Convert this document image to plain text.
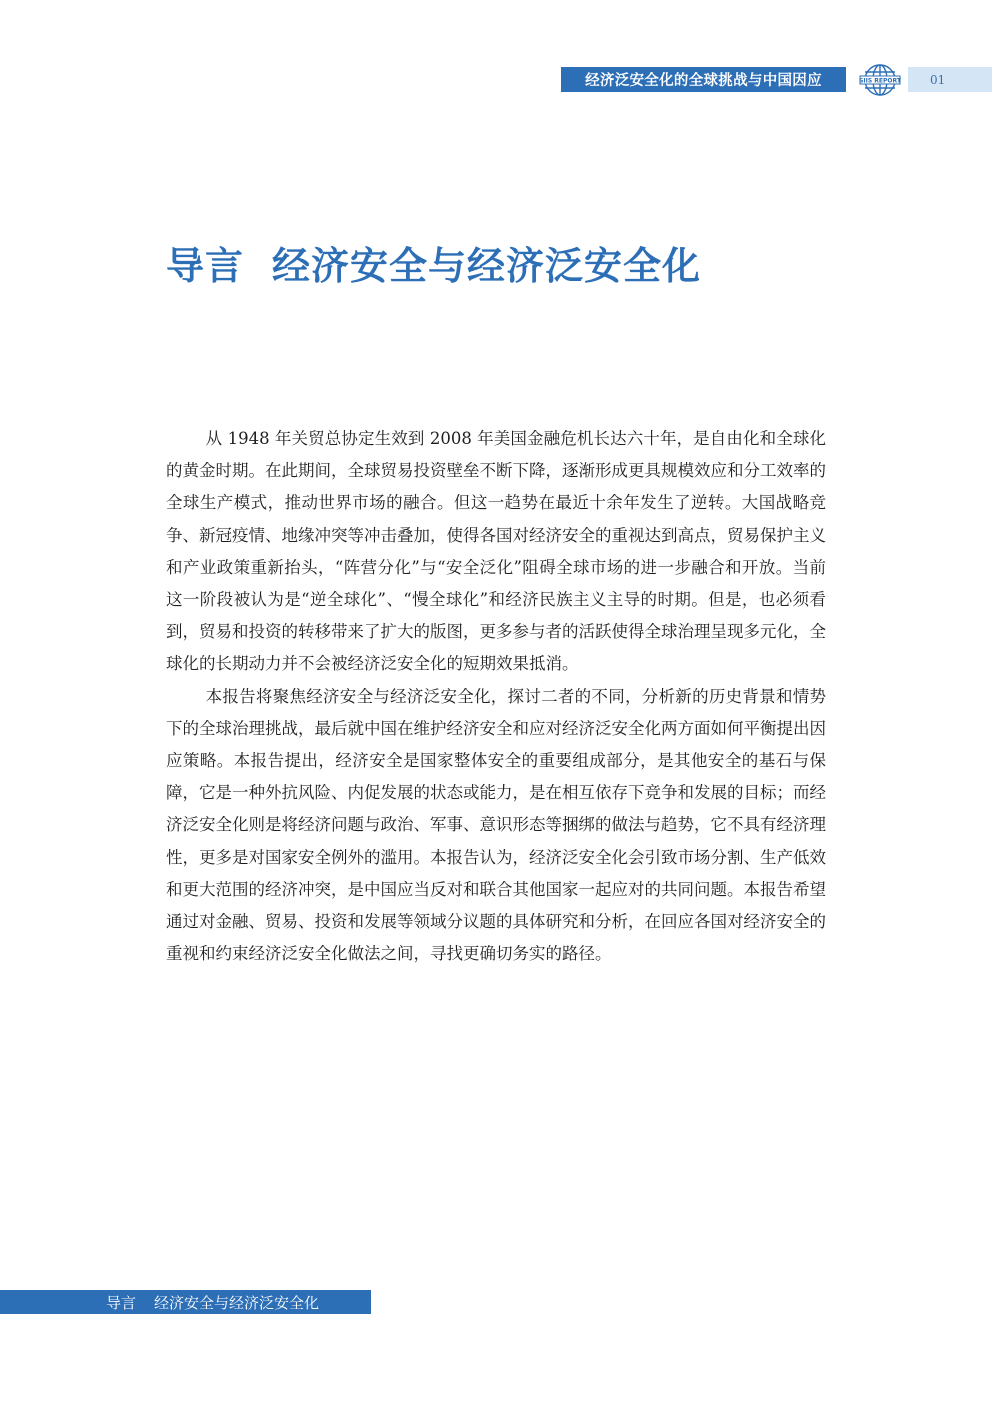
经济泛安全化的全球挑战与中国因应	SIIS REPORT 01
导言 经济安全与经济泛安全化

从 1948 年关贸总协定生效到 2008 年美国金融危机长达六十年，是自由化和全球化的黄金时期。在此期间，全球贸易投资壁垒不断下降，逐渐形成更具规模效应和分工效率的全球生产模式，推动世界市场的融合。但这一趋势在最近十余年发生了逆转。大国战略竞争、新冠疫情、地缘冲突等冲击叠加，使得各国对经济安全的重视达到高点，贸易保护主义和产业政策重新抬头，“阵营分化”与“安全泛化”阻碍全球市场的进一步融合和开放。当前这一阶段被认为是“逆全球化”、“慢全球化”和经济民族主义主导的时期。但是，也必须看到，贸易和投资的转移带来了扩大的版图，更多参与者的活跃使得全球治理呈现多元化，全球化的长期动力并不会被经济泛安全化的短期效果抵消。

本报告将聚焦经济安全与经济泛安全化，探讨二者的不同，分析新的历史背景和情势下的全球治理挑战，最后就中国在维护经济安全和应对经济泛安全化两方面如何平衡提出因应策略。本报告提出，经济安全是国家整体安全的重要组成部分，是其他安全的基石与保障，它是一种外抗风险、内促发展的状态或能力，是在相互依存下竞争和发展的目标；而经济泛安全化则是将经济问题与政治、军事、意识形态等捆绑的做法与趋势，它不具有经济理性，更多是对国家安全例外的滥用。本报告认为，经济泛安全化会引致市场分割、生产低效和更大范围的经济冲突，是中国应当反对和联合其他国家一起应对的共同问题。本报告希望通过对金融、贸易、投资和发展等领域分议题的具体研究和分析，在回应各国对经济安全的重视和约束经济泛安全化做法之间，寻找更确切务实的路径。

导言 经济安全与经济泛安全化
